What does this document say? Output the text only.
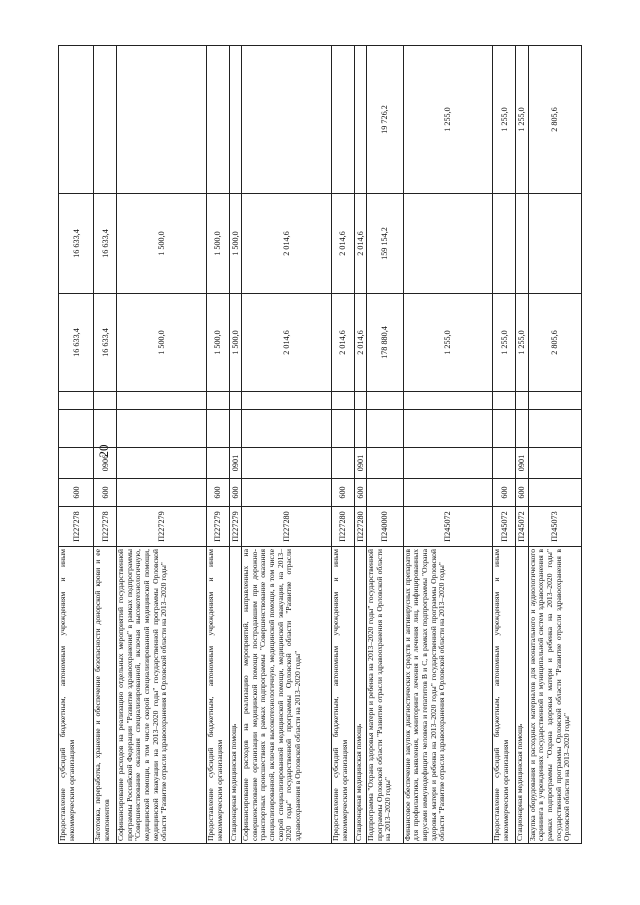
20
Предоставление субсидий бюджетным, автономным учреждениям и иным некоммерческим организациям	П227278	600				16 633,4	16 633,4	
Заготовка, переработка, хранение и обеспечение безопасности донорской крови и ее компонентов	П227278	600	0906			16 633,4	16 633,4	
Софинансирование расходов на реализацию отдельных мероприятий государственной программы Российской Федерации "Развитие здравоохранения" в рамках подпрограммы "Совершенствование оказания специализированной, включая высокотехнологичную, медицинской помощи, в том числе скорой специализированной медицинской помощи, медицинской эвакуации на 2013–2020 годы" государственной программы Орловской области "Развитие отрасли здравоохранения в Орловской области на 2013–2020 годы"	П227279					1 500,0	1 500,0	
Предоставление субсидий бюджетным, автономным учреждениям и иным некоммерческим организациям	П227279	600				1 500,0	1 500,0	
Стационарная медицинская помощь	П227279	600	0901			1 500,0	1 500,0	
Софинансирование расходов на реализацию мероприятий, направленных на совершенствование организации медицинской помощи пострадавшим при дорожно-транспортных происшествиях в рамках подпрограммы "Совершенствование оказания специализированной, включая высокотехнологичную, медицинской помощи, в том числе скорой специализированной медицинской помощи, медицинской эвакуации, на 2013–2020 годы" государственной программы Орловской области "Развитие отрасли здравоохранения в Орловской области на 2013–2020 годы"	П227280					2 014,6	2 014,6	
Предоставление субсидий бюджетным, автономным учреждениям и иным некоммерческим организациям	П227280	600				2 014,6	2 014,6	
Стационарная медицинская помощь	П227280	600	0901			2 014,6	2 014,6	
Подпрограмма "Охрана здоровья матери и ребенка на 2013–2020 годы" государственной программы Орловской области "Развитие отрасли здравоохранения в Орловской области на 2013–2020 годы"	П240000					178 880,4	159 154,2	19 726,2
Финансовое обеспечение закупок диагностических средств и антивирусных препаратов для профилактики, выявления, мониторинга лечения и лечения лиц, инфицированных вирусами иммунодефицита человека и гепатитов B и C, в рамках подпрограммы "Охрана здоровья матери и ребенка на 2013–2020 годы" государственной программы Орловской области "Развитие отрасли здравоохранения в Орловской области на 2013–2020 годы"	П245072					1 255,0		1 255,0
Предоставление субсидий бюджетным, автономным учреждениям и иным некоммерческим организациям	П245072	600				1 255,0		1 255,0
Стационарная медицинская помощь	П245072	600	0901			1 255,0		1 255,0
Закупка оборудования и расходных материалов для неонатального и аудиологического скрининга в учреждениях государственной и муниципальной систем здравоохранения в рамках подпрограммы "Охрана здоровья матери и ребенка на 2013–2020 годы" государственной программы Орловской области "Развитие отрасли здравоохранения в Орловской области на 2013–2020 годы"	П245073					2 805,6		2 805,6
